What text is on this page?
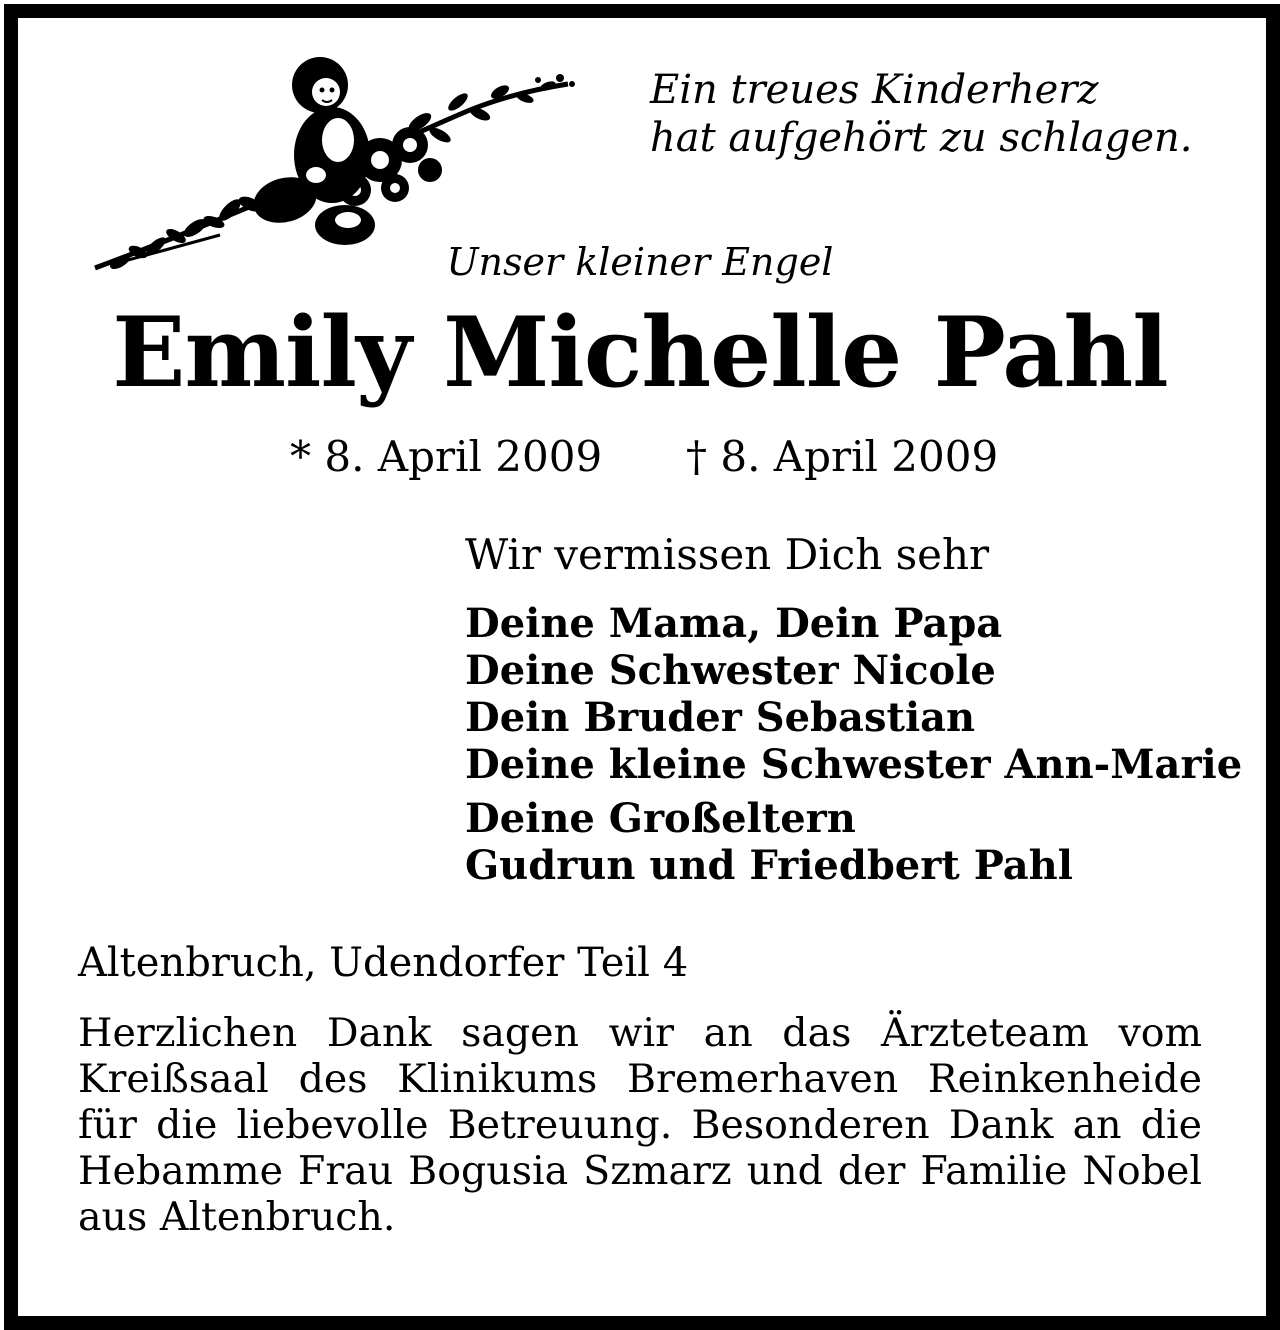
Ein treues Kinderherz
hat aufgehört zu schlagen.
Unser kleiner Engel
Emily Michelle Pahl
* 8. April 2009 † 8. April 2009
Wir vermissen Dich sehr
Deine Mama, Dein Papa
Deine Schwester Nicole
Dein Bruder Sebastian
Deine kleine Schwester Ann-Marie
Deine Großeltern
Gudrun und Friedbert Pahl
Altenbruch, Udendorfer Teil 4
Herzlichen Dank sagen wir an das Ärzteteam vom Kreißsaal des Klinikums Bremerhaven Reinkenheide für die liebevolle Betreuung. Besonderen Dank an die Hebamme Frau Bogusia Szmarz und der Familie Nobel aus Altenbruch.
